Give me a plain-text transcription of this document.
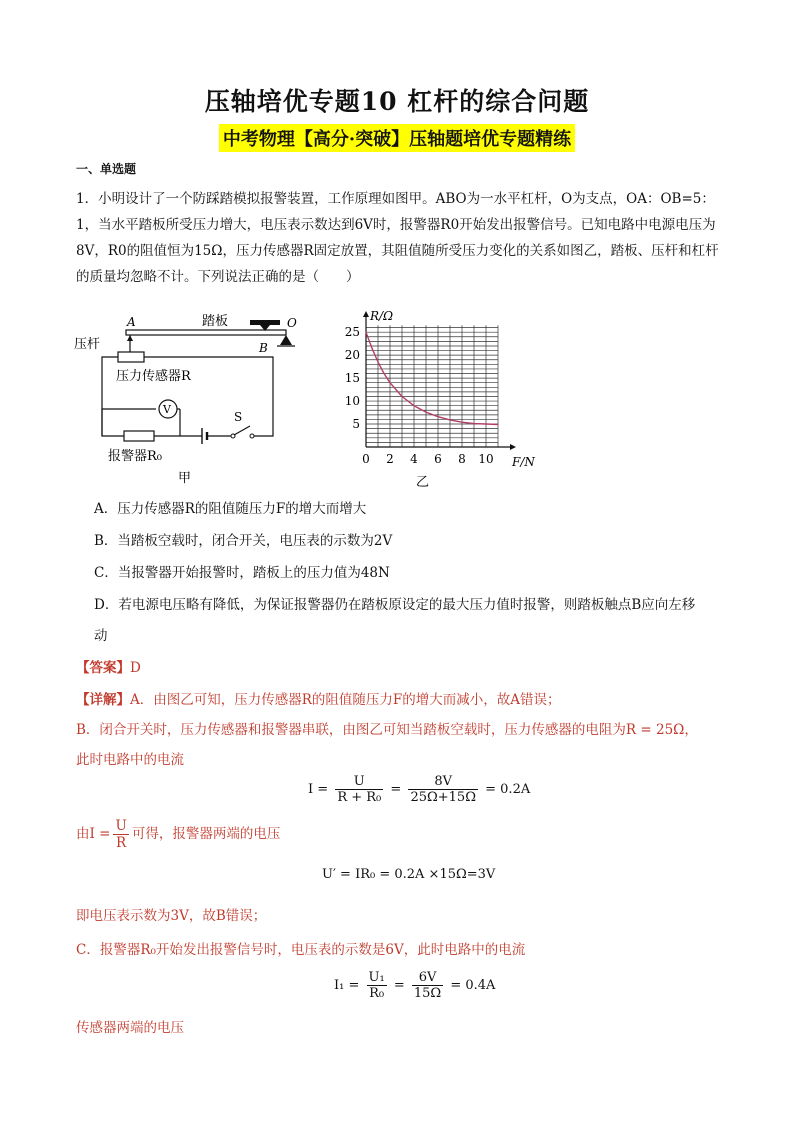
压轴培优专题10 杠杆的综合问题
中考物理【高分·突破】压轴题培优专题精练
一、单选题
1．小明设计了一个防踩踏模拟报警装置，工作原理如图甲。ABO为一水平杠杆，O为支点，OA：OB=5：1，当水平踏板所受压力增大，电压表示数达到6V时，报警器R0开始发出报警信号。已知电路中电源电压为8V，R0的阻值恒为15Ω，压力传感器R固定放置，其阻值随所受压力变化的关系如图乙，踏板、压杆和杠杆的质量均忽略不计。下列说法正确的是（　　）
A	踏板	O
B
压杆
压力传感器R
V
S
报警器R₀
甲
0 2 4 6 8 10
5
10
15
20
25
R/Ω
F/N
乙
A．压力传感器R的阻值随压力F的增大而增大
B．当踏板空载时，闭合开关，电压表的示数为2V
C．当报警器开始报警时，踏板上的压力值为48N
D．若电源电压略有降低，为保证报警器仍在踏板原设定的最大压力值时报警，则踏板触点B应向左移
动
【答案】D
【详解】A．由图乙可知，压力传感器R的阻值随压力F的增大而减小，故A错误；
B．闭合开关时，压力传感器和报警器串联，由图乙可知当踏板空载时，压力传感器的电阻为R = 25Ω，
此时电路中的电流
$I = \frac{U}{\text{R + R₀}} = \frac{8V}{25\Omega+15\Omega} = 0.2A$
由$I = \frac{U}{R}$ 可得，报警器两端的电压
U′ = IR₀ = 0.2A ×15Ω=3V
即电压表示数为3V，故B错误；
C．报警器R₀开始发出报警信号时，电压表的示数是6V，此时电路中的电流
$I_1 = \frac{\text{U₁}}{\text{R₀}} = \frac{6V}{15\Omega} = 0.4A$
传感器两端的电压
